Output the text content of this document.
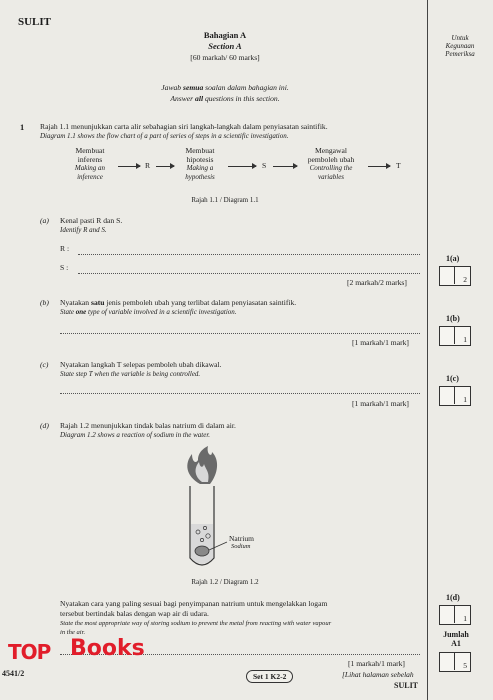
SULIT
Untuk
Kegunaan
Pemeriksa
Bahagian A
Section A
[60 markah/ 60 marks]
Jawab semua soalan dalam bahagian ini.
Answer all questions in this section.
1 Rajah 1.1 menunjukkan carta alir sebahagian siri langkah-langkah dalam penyiasatan saintifik.
Diagram 1.1 shows the flow chart of a part of series of steps in a scientific investigation.
Membuat
inferens
Making an
inference
R
Membuat
hipotesis
Making a
hypothesis
S
Mengawal
pemboleh ubah
Controlling the
variables
T
Rajah 1.1 / Diagram 1.1
(a) Kenal pasti R dan S.
Identify R and S.
R :
S :
[2 markah/2 marks]
1(a)
2
(b) Nyatakan satu jenis pemboleh ubah yang terlibat dalam penyiasatan saintifik.
State one type of variable involved in a scientific investigation.
[1 markah/1 mark]
1(b)
1
(c) Nyatakan langkah T selepas pemboleh ubah dikawal.
State step T when the variable is being controlled.
[1 markah/1 mark]
1(c)
1
(d) Rajah 1.2 menunjukkan tindak balas natrium di dalam air.
Diagram 1.2 shows a reaction of sodium in the water.
Natrium
Sodium
Rajah 1.2 / Diagram 1.2
Nyatakan cara yang paling sesuai bagi penyimpanan natrium untuk mengelakkan logam
tersebut bertindak balas dengan wap air di udara.
State the most appropriate way of storing sodium to prevent the metal from reacting with water vapour
in the air.
[1 markah/1 mark]
1(d)
1
Jumlah
A1
5
TOP Books
4541/2	Set 1 K2-2	[Lihat halaman sebelah
SULIT
